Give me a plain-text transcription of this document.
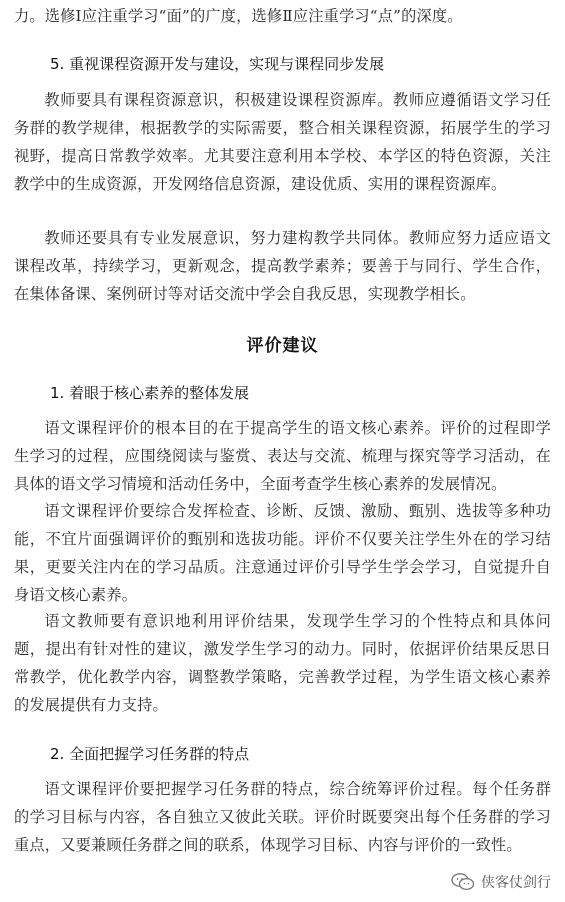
力。选修Ⅰ应注重学习“面”的广度，选修Ⅱ应注重学习“点”的深度。

5. 重视课程资源开发与建设，实现与课程同步发展

教师要具有课程资源意识，积极建设课程资源库。教师应遵循语文学习任务群的教学规律，根据教学的实际需要，整合相关课程资源，拓展学生的学习视野，提高日常教学效率。尤其要注意利用本学校、本学区的特色资源，关注教学中的生成资源，开发网络信息资源，建设优质、实用的课程资源库。

教师还要具有专业发展意识，努力建构教学共同体。教师应努力适应语文课程改革，持续学习，更新观念，提高教学素养；要善于与同行、学生合作，在集体备课、案例研讨等对话交流中学会自我反思，实现教学相长。

评价建议
1. 着眼于核心素养的整体发展

语文课程评价的根本目的在于提高学生的语文核心素养。评价的过程即学生学习的过程，应围绕阅读与鉴赏、表达与交流、梳理与探究等学习活动，在具体的语文学习情境和活动任务中，全面考查学生核心素养的发展情况。

语文课程评价要综合发挥检查、诊断、反馈、激励、甄别、选拔等多种功能，不宜片面强调评价的甄别和选拔功能。评价不仅要关注学生外在的学习结果，更要关注内在的学习品质。注意通过评价引导学生学会学习，自觉提升自身语文核心素养。

语文教师要有意识地利用评价结果，发现学生学习的个性特点和具体问题，提出有针对性的建议，激发学生学习的动力。同时，依据评价结果反思日常教学，优化教学内容，调整教学策略，完善教学过程，为学生语文核心素养的发展提供有力支持。

2. 全面把握学习任务群的特点

语文课程评价要把握学习任务群的特点，综合统筹评价过程。每个任务群的学习目标与内容，各自独立又彼此关联。评价时既要突出每个任务群的学习重点，又要兼顾任务群之间的联系，体现学习目标、内容与评价的一致性。

侠客仗剑行
